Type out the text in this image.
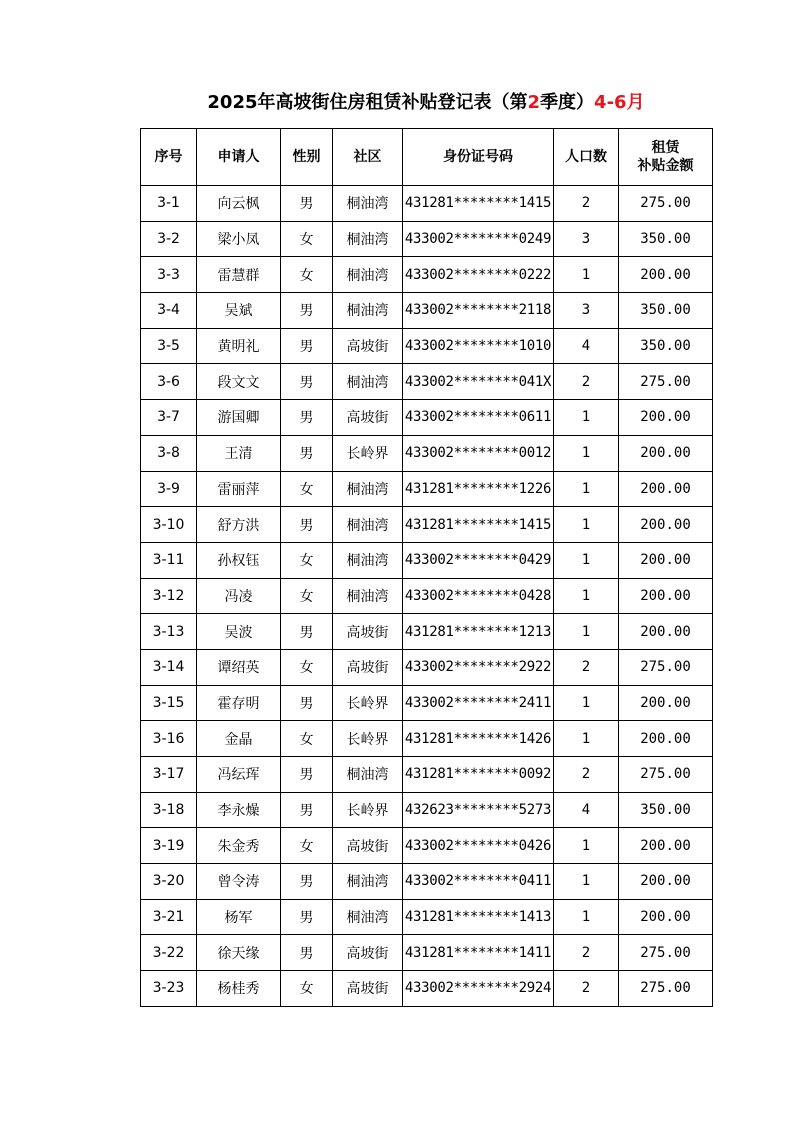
2025年高坡街住房租赁补贴登记表（第2季度）4-6月
序号	申请人	性别	社区	身份证号码	人口数	租赁
补贴金额

3-1	向云枫	男	桐油湾	431281********1415	2	275.00
3-2	梁小凤	女	桐油湾	433002********0249	3	350.00
3-3	雷慧群	女	桐油湾	433002********0222	1	200.00
3-4	吴斌	男	桐油湾	433002********2118	3	350.00
3-5	黄明礼	男	高坡街	433002********1010	4	350.00
3-6	段文文	男	桐油湾	433002********041X	2	275.00
3-7	游国卿	男	高坡街	433002********0611	1	200.00
3-8	王清	男	长岭界	433002********0012	1	200.00
3-9	雷丽萍	女	桐油湾	431281********1226	1	200.00
3-10	舒方洪	男	桐油湾	431281********1415	1	200.00
3-11	孙权钰	女	桐油湾	433002********0429	1	200.00
3-12	冯凌	女	桐油湾	433002********0428	1	200.00
3-13	吴波	男	高坡街	431281********1213	1	200.00
3-14	谭绍英	女	高坡街	433002********2922	2	275.00
3-15	霍存明	男	长岭界	433002********2411	1	200.00
3-16	金晶	女	长岭界	431281********1426	1	200.00
3-17	冯纭珲	男	桐油湾	431281********0092	2	275.00
3-18	李永燥	男	长岭界	432623********5273	4	350.00
3-19	朱金秀	女	高坡街	433002********0426	1	200.00
3-20	曾令涛	男	桐油湾	433002********0411	1	200.00
3-21	杨军	男	桐油湾	431281********1413	1	200.00
3-22	徐天缘	男	高坡街	431281********1411	2	275.00
3-23	杨桂秀	女	高坡街	433002********2924	2	275.00
